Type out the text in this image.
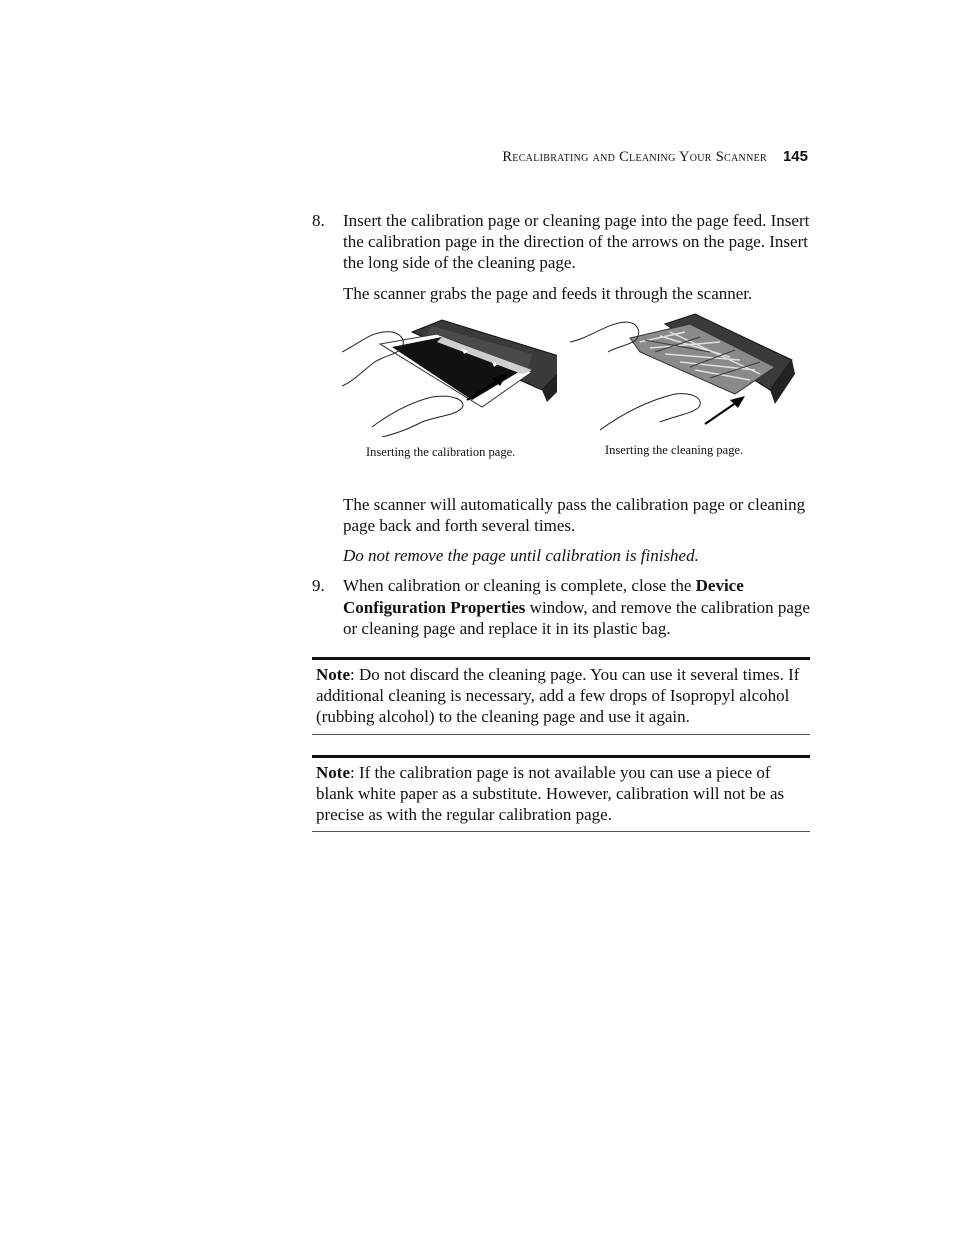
Recalibrating and Cleaning Your Scanner 145
8.	Insert the calibration page or cleaning page into the page feed. Insert the calibration page in the direction of the arrows on the page. Insert the long side of the cleaning page.

The scanner grabs the page and feeds it through the scanner.

Inserting the calibration page.	Inserting the cleaning page.

The scanner will automatically pass the calibration page or cleaning page back and forth several times.

Do not remove the page until calibration is finished.

9.	When calibration or cleaning is complete, close the Device Configuration Properties window, and remove the calibration page or cleaning page and replace it in its plastic bag.
Note: Do not discard the cleaning page. You can use it several times. If additional cleaning is necessary, add a few drops of Isopropyl alcohol (rubbing alcohol) to the cleaning page and use it again.
Note: If the calibration page is not available you can use a piece of blank white paper as a substitute. However, calibration will not be as precise as with the regular calibration page.
